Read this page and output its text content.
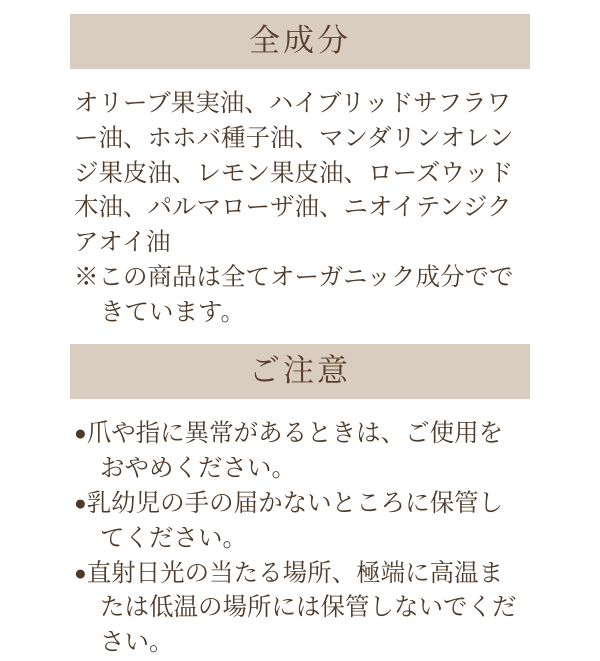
全成分

オリーブ果実油、ハイブリッドサフラワー油、ホホバ種子油、マンダリンオレンジ果皮油、レモン果皮油、ローズウッド木油、パルマローザ油、ニオイテンジクアオイ油

※この商品は全てオーガニック成分でできています。

ご注意
●爪や指に異常があるときは、ご使用をおやめください。
●乳幼児の手の届かないところに保管してください。
●直射日光の当たる場所、極端に高温または低温の場所には保管しないでください。
